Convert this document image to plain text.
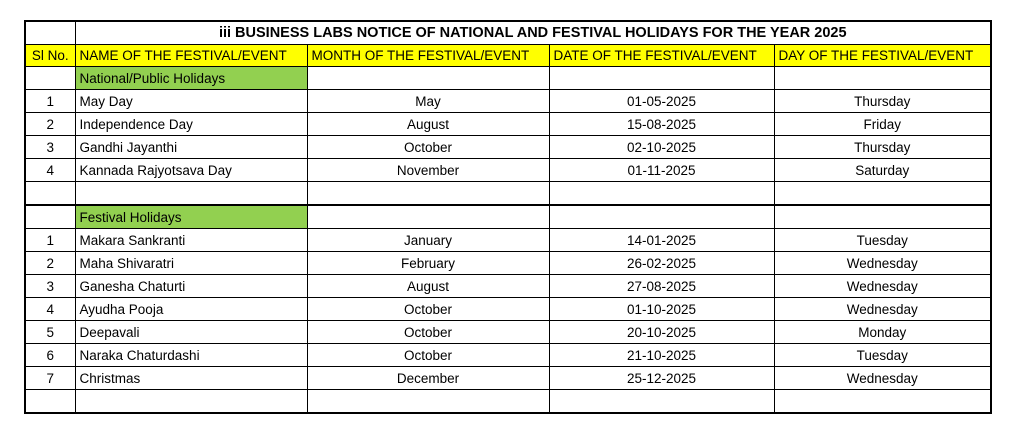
	iii BUSINESS LABS NOTICE OF NATIONAL AND FESTIVAL HOLIDAYS FOR THE YEAR 2025			
Sl No.	NAME OF THE FESTIVAL/EVENT	MONTH OF THE FESTIVAL/EVENT	DATE OF THE FESTIVAL/EVENT	DAY OF THE FESTIVAL/EVENT
	National/Public Holidays			
1	May Day	May	01-05-2025	Thursday
2	Independence Day	August	15-08-2025	Friday
3	Gandhi Jayanthi	October	02-10-2025	Thursday
4	Kannada Rajyotsava Day	November	01-11-2025	Saturday

	Festival Holidays			
1	Makara Sankranti	January	14-01-2025	Tuesday
2	Maha Shivaratri	February	26-02-2025	Wednesday
3	Ganesha Chaturti	August	27-08-2025	Wednesday
4	Ayudha Pooja	October	01-10-2025	Wednesday
5	Deepavali	October	20-10-2025	Monday
6	Naraka Chaturdashi	October	21-10-2025	Tuesday
7	Christmas	December	25-12-2025	Wednesday
